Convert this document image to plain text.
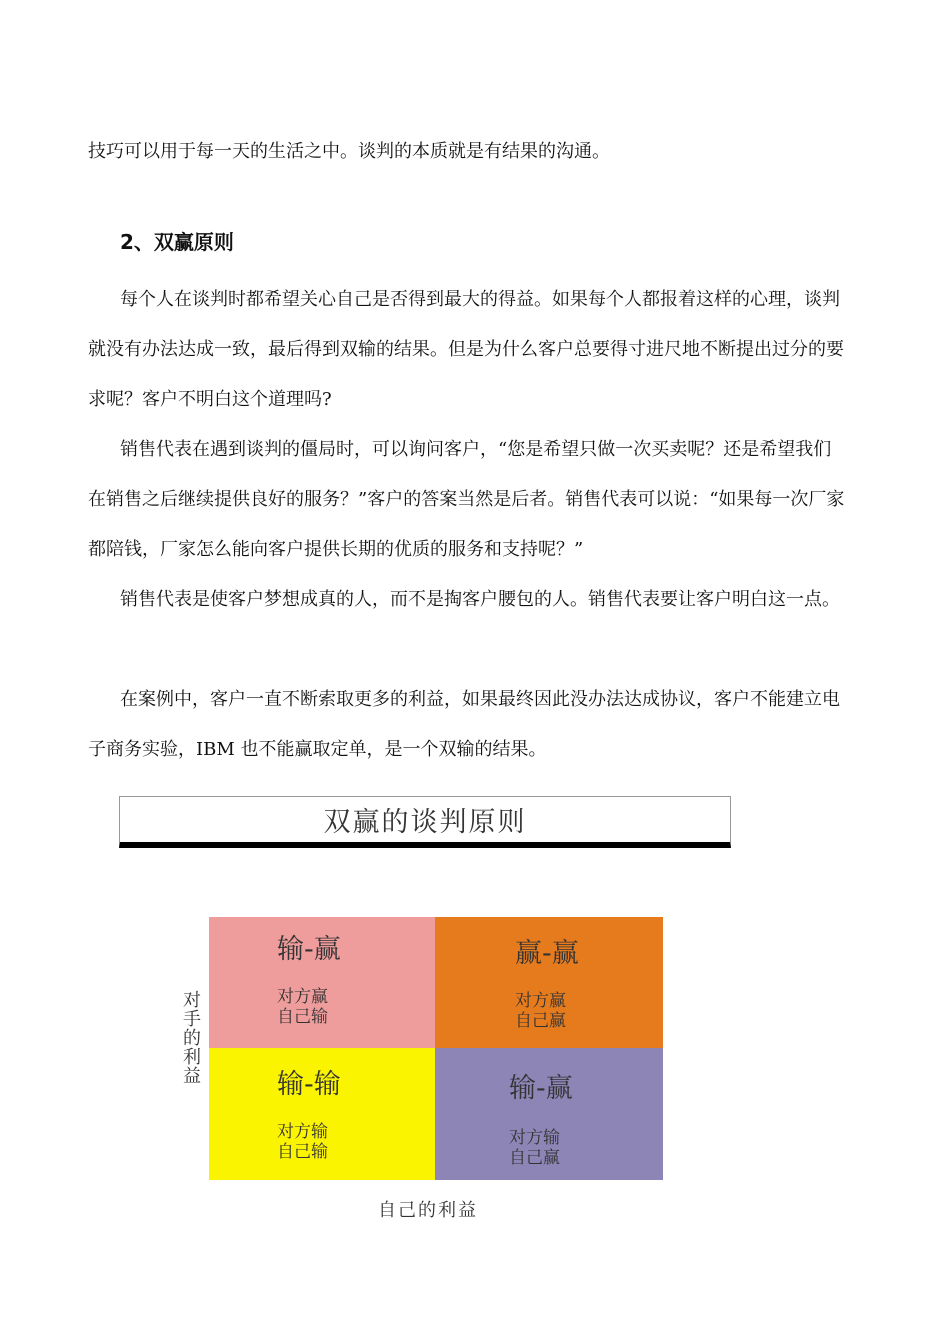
技巧可以用于每一天的生活之中。谈判的本质就是有结果的沟通。

2、双赢原则

每个人在谈判时都希望关心自己是否得到最大的得益。如果每个人都报着这样的心理，谈判就没有办法达成一致，最后得到双输的结果。但是为什么客户总要得寸进尺地不断提出过分的要求呢？客户不明白这个道理吗?

销售代表在遇到谈判的僵局时，可以询问客户，“您是希望只做一次买卖呢？还是希望我们在销售之后继续提供良好的服务？”客户的答案当然是后者。销售代表可以说：“如果每一次厂家都陪钱，厂家怎么能向客户提供长期的优质的服务和支持呢？”

销售代表是使客户梦想成真的人，而不是掏客户腰包的人。销售代表要让客户明白这一点。

在案例中，客户一直不断索取更多的利益，如果最终因此没办法达成协议，客户不能建立电子商务实验，IBM 也不能赢取定单，是一个双输的结果。

双赢的谈判原则
对手的利益
输-赢
对方赢
自己输
赢-赢
对方赢
自己赢
输-输
对方输
自己输
输-赢
对方输
自己赢
自己的利益
